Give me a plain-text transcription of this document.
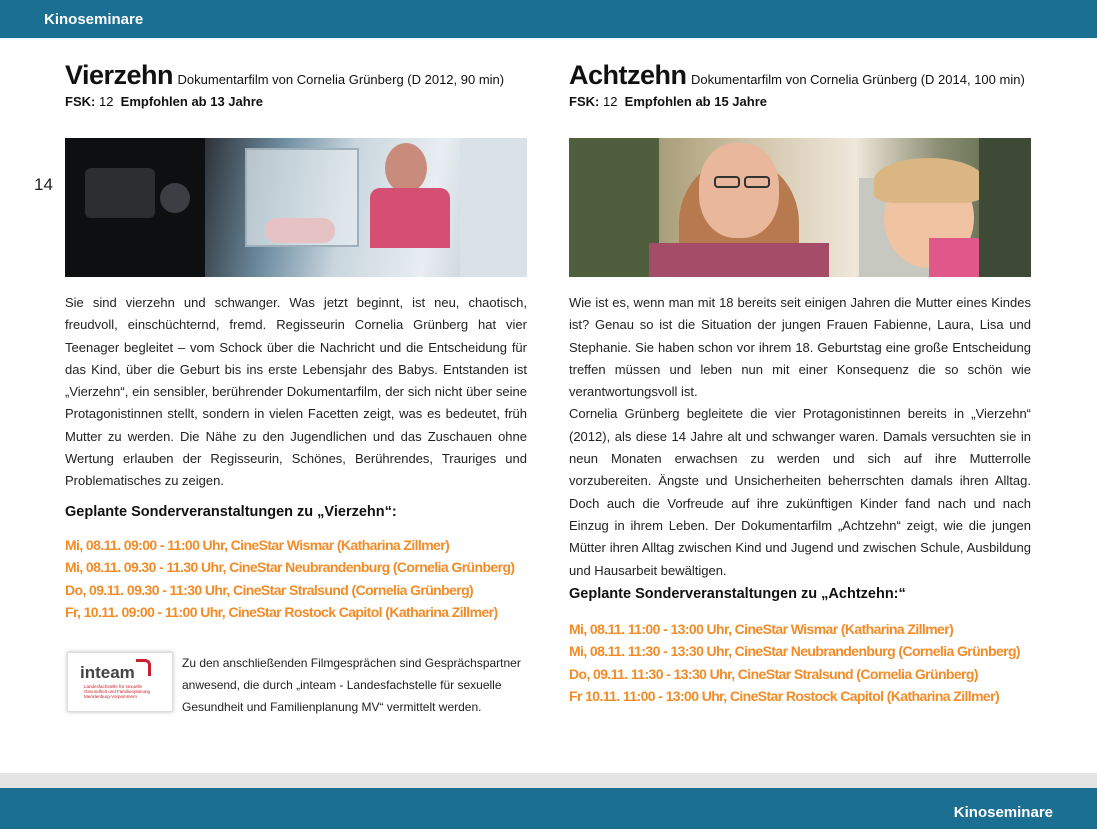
Kinoseminare
14
Vierzehn Dokumentarfilm von Cornelia Grünberg (D 2012, 90 min)
FSK: 12 Empfohlen ab 13 Jahre

Sie sind vierzehn und schwanger. Was jetzt beginnt, ist neu, chaotisch, freudvoll, einschüchternd, fremd. Regisseurin Cornelia Grünberg hat vier Teenager begleitet – vom Schock über die Nachricht und die Entscheidung für das Kind, über die Geburt bis ins erste Lebensjahr des Babys. Entstanden ist „Vierzehn“, ein sensibler, berührender Dokumentarfilm, der sich nicht über seine Protagonistinnen stellt, sondern in vielen Facetten zeigt, was es bedeutet, früh Mutter zu werden. Die Nähe zu den Jugendlichen und das Zuschauen ohne Wertung erlauben der Regisseurin, Schönes, Berührendes, Trauriges und Problematisches zu zeigen.

Geplante Sonderveranstaltungen zu „Vierzehn“:
Mi, 08.11. 09:00 - 11:00 Uhr, CineStar Wismar (Katharina Zillmer)
Mi, 08.11. 09.30 - 11.30 Uhr, CineStar Neubrandenburg (Cornelia Grünberg)
Do, 09.11. 09.30 - 11:30 Uhr, CineStar Stralsund (Cornelia Grünberg)
Fr, 10.11. 09:00 - 11:00 Uhr, CineStar Rostock Capitol (Katharina Zillmer)
inteam
Landesfachstelle für sexuelle Gesundheit und Familienplanung Mecklenburg-Vorpommern
Zu den anschließenden Filmgesprächen sind Gesprächspartner anwesend, die durch „inteam - Landesfachstelle für sexuelle Gesundheit und Familienplanung MV“ vermittelt werden.
Achtzehn Dokumentarfilm von Cornelia Grünberg (D 2014, 100 min)
FSK: 12 Empfohlen ab 15 Jahre

Wie ist es, wenn man mit 18 bereits seit einigen Jahren die Mutter eines Kindes ist? Genau so ist die Situation der jungen Frauen Fabienne, Laura, Lisa und Stephanie. Sie haben schon vor ihrem 18. Geburtstag eine große Entscheidung treffen müssen und leben nun mit einer Konsequenz die so schön wie verantwortungsvoll ist.

Cornelia Grünberg begleitete die vier Protagonistinnen bereits in „Vierzehn“ (2012), als diese 14 Jahre alt und schwanger waren. Damals versuchten sie in neun Monaten erwachsen zu werden und sich auf ihre Mutterrolle vorzubereiten. Ängste und Unsicherheiten beherrschten damals ihren Alltag. Doch auch die Vorfreude auf ihre zukünftigen Kinder fand nach und nach Einzug in ihrem Leben. Der Dokumentarfilm „Achtzehn“ zeigt, wie die jungen Mütter ihren Alltag zwischen Kind und Jugend und zwischen Schule, Ausbildung und Hausarbeit bewältigen.

Geplante Sonderveranstaltungen zu „Achtzehn:“
Mi, 08.11. 11:00 - 13:00 Uhr, CineStar Wismar (Katharina Zillmer)
Mi, 08.11. 11:30 - 13:30 Uhr, CineStar Neubrandenburg (Cornelia Grünberg)
Do, 09.11. 11:30 - 13:30 Uhr, CineStar Stralsund (Cornelia Grünberg)
Fr 10.11. 11:00 - 13:00 Uhr, CineStar Rostock Capitol (Katharina Zillmer)
Kinoseminare
